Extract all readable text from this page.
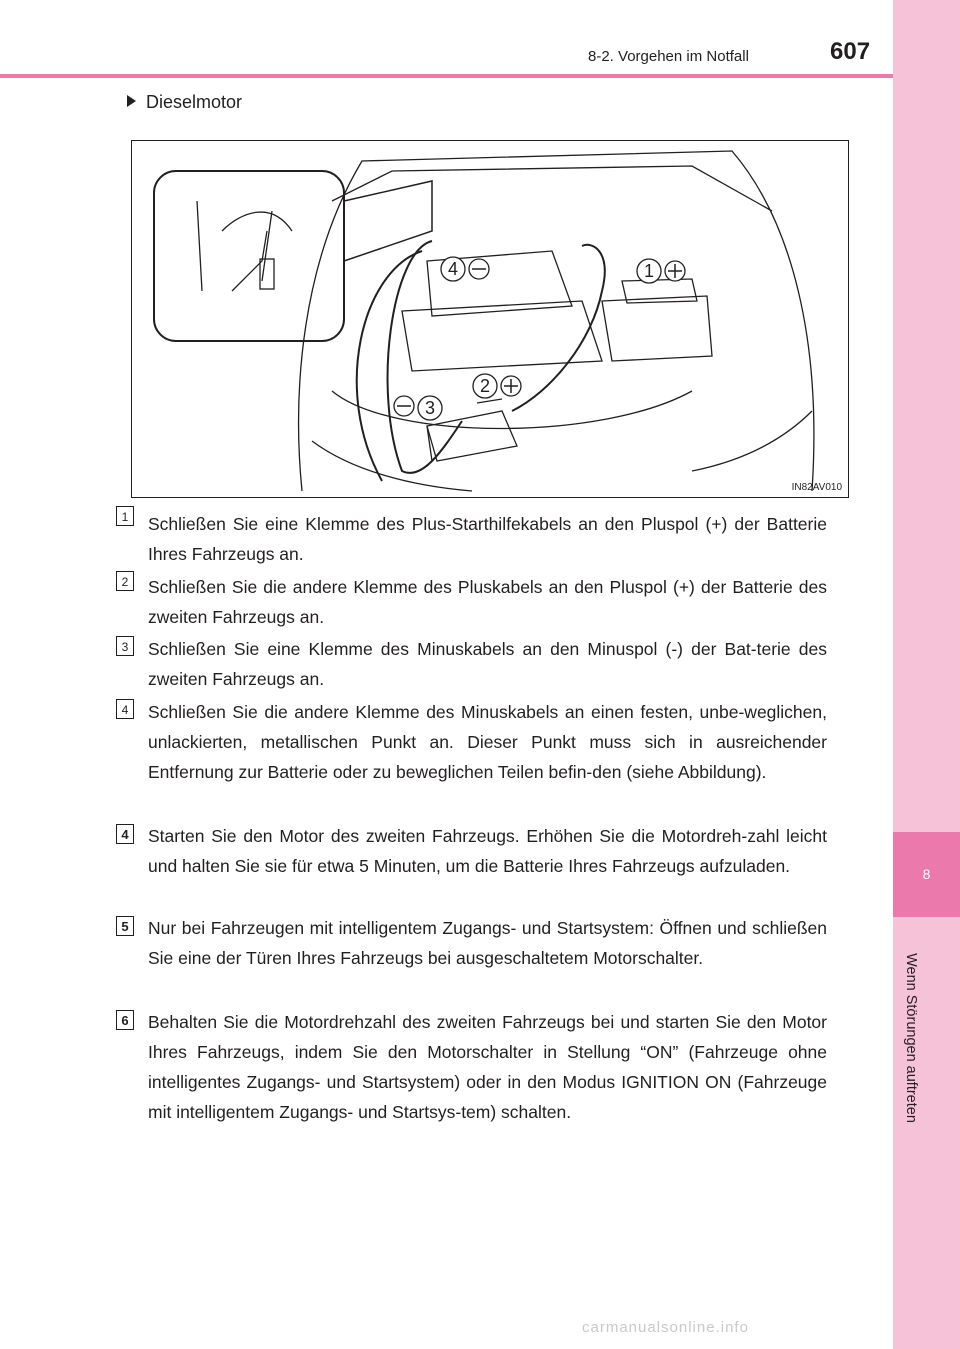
8
Wenn Störungen auftreten
8-2. Vorgehen im Notfall	607
Dieselmotor
4	1
2
3
IN82AV010
1	Schließen Sie eine Klemme des Plus-Starthilfekabels an den Pluspol (+) der Batterie Ihres Fahrzeugs an.
2	Schließen Sie die andere Klemme des Pluskabels an den Pluspol (+) der Batterie des zweiten Fahrzeugs an.
3	Schließen Sie eine Klemme des Minuskabels an den Minuspol (-) der Bat-terie des zweiten Fahrzeugs an.
4	Schließen Sie die andere Klemme des Minuskabels an einen festen, unbe-weglichen, unlackierten, metallischen Punkt an. Dieser Punkt muss sich in ausreichender Entfernung zur Batterie oder zu beweglichen Teilen befin-den (siehe Abbildung).
4	Starten Sie den Motor des zweiten Fahrzeugs. Erhöhen Sie die Motordreh-zahl leicht und halten Sie sie für etwa 5 Minuten, um die Batterie Ihres Fahrzeugs aufzuladen.
5	Nur bei Fahrzeugen mit intelligentem Zugangs- und Startsystem: Öffnen und schließen Sie eine der Türen Ihres Fahrzeugs bei ausgeschaltetem Motorschalter.
6	Behalten Sie die Motordrehzahl des zweiten Fahrzeugs bei und starten Sie den Motor Ihres Fahrzeugs, indem Sie den Motorschalter in Stellung “ON” (Fahrzeuge ohne intelligentes Zugangs- und Startsystem) oder in den Modus IGNITION ON (Fahrzeuge mit intelligentem Zugangs- und Startsys-tem) schalten.
carmanualsonline.info
